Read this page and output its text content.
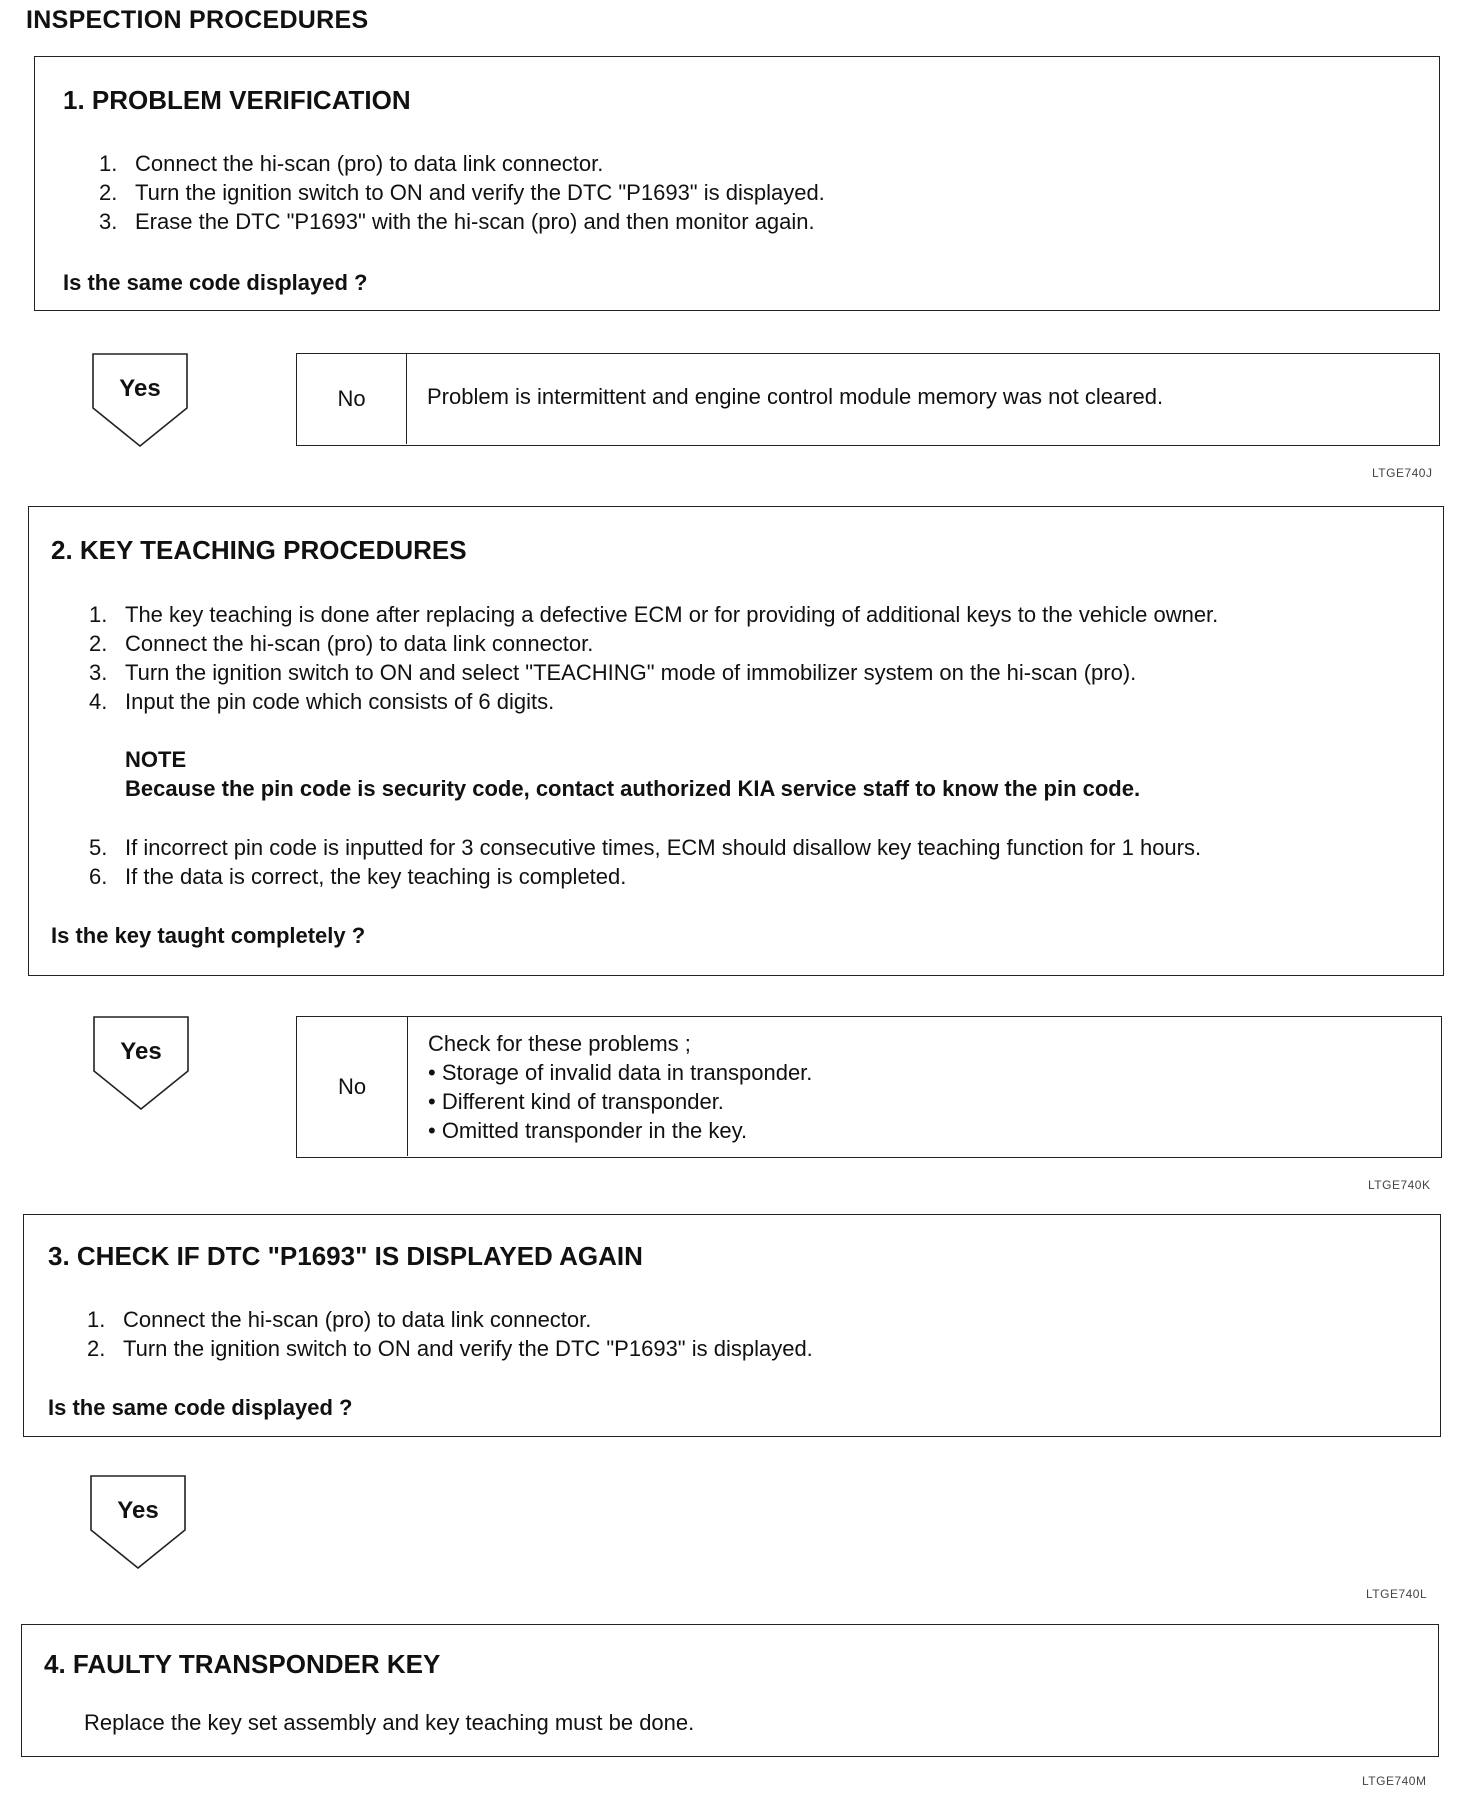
INSPECTION PROCEDURES
1. PROBLEM VERIFICATION
1. Connect the hi-scan (pro) to data link connector.
2. Turn the ignition switch to ON and verify the DTC "P1693" is displayed.
3. Erase the DTC "P1693" with the hi-scan (pro) and then monitor again.
Is the same code displayed ?
Yes	No	Problem is intermittent and engine control module memory was not cleared.
LTGE740J
2. KEY TEACHING PROCEDURES
1. The key teaching is done after replacing a defective ECM or for providing of additional keys to the vehicle owner.
2. Connect the hi-scan (pro) to data link connector.
3. Turn the ignition switch to ON and select "TEACHING" mode of immobilizer system on the hi-scan (pro).
4. Input the pin code which consists of 6 digits.
NOTE
Because the pin code is security code, contact authorized KIA service staff to know the pin code.
5. If incorrect pin code is inputted for 3 consecutive times, ECM should disallow key teaching function for 1 hours.
6. If the data is correct, the key teaching is completed.
Is the key taught completely ?
Yes
No
Check for these problems ;
• Storage of invalid data in transponder.
• Different kind of transponder.
• Omitted transponder in the key.
LTGE740K
3. CHECK IF DTC "P1693" IS DISPLAYED AGAIN
1. Connect the hi-scan (pro) to data link connector.
2. Turn the ignition switch to ON and verify the DTC "P1693" is displayed.
Is the same code displayed ?
Yes
LTGE740L
4. FAULTY TRANSPONDER KEY
Replace the key set assembly and key teaching must be done.
LTGE740M
